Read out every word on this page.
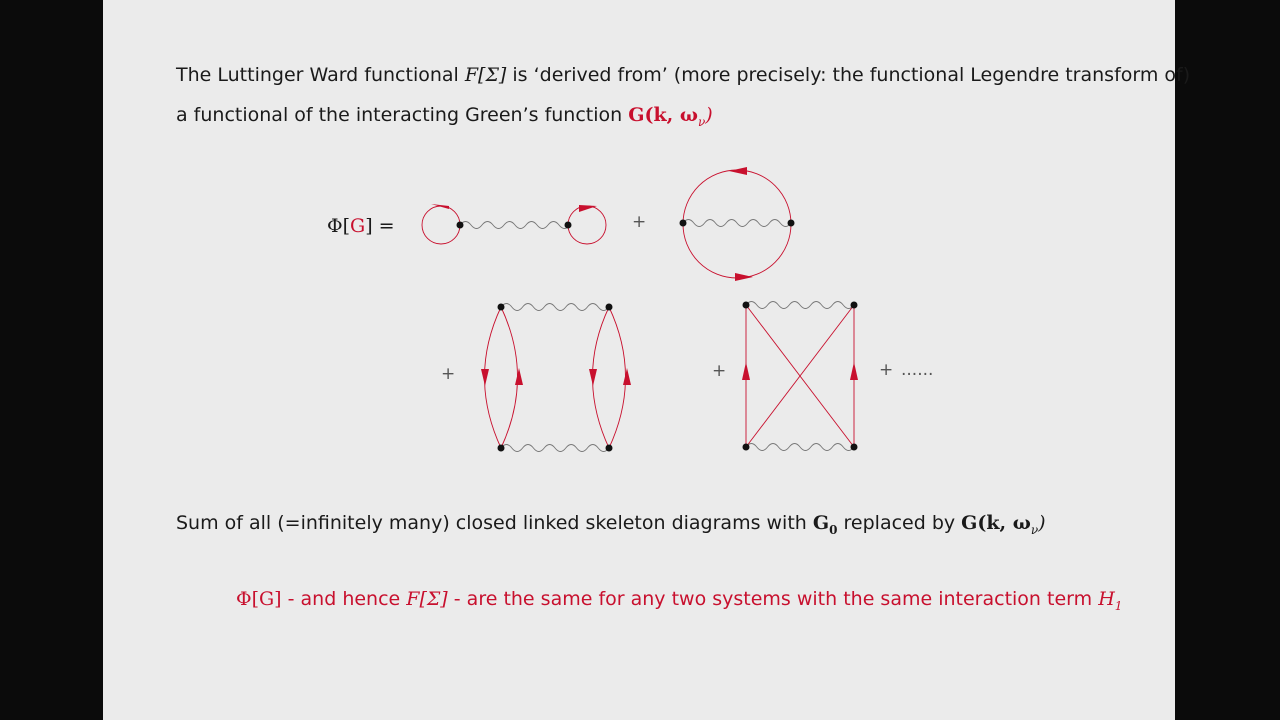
The Luttinger Ward functional F[Σ] is ‘derived from’ (more precisely: the functional Legendre transform of)
a functional of the interacting Green’s function G(k, $\omega_\nu$)
Φ[G] =	+
+	+	+ ......
Sum of all (=infinitely many) closed linked skeleton diagrams with $G_0$ replaced by G(k, $\omega_\nu$)
Φ[G] - and hence F[Σ] - are the same for any two systems with the same interaction term $H_1$
